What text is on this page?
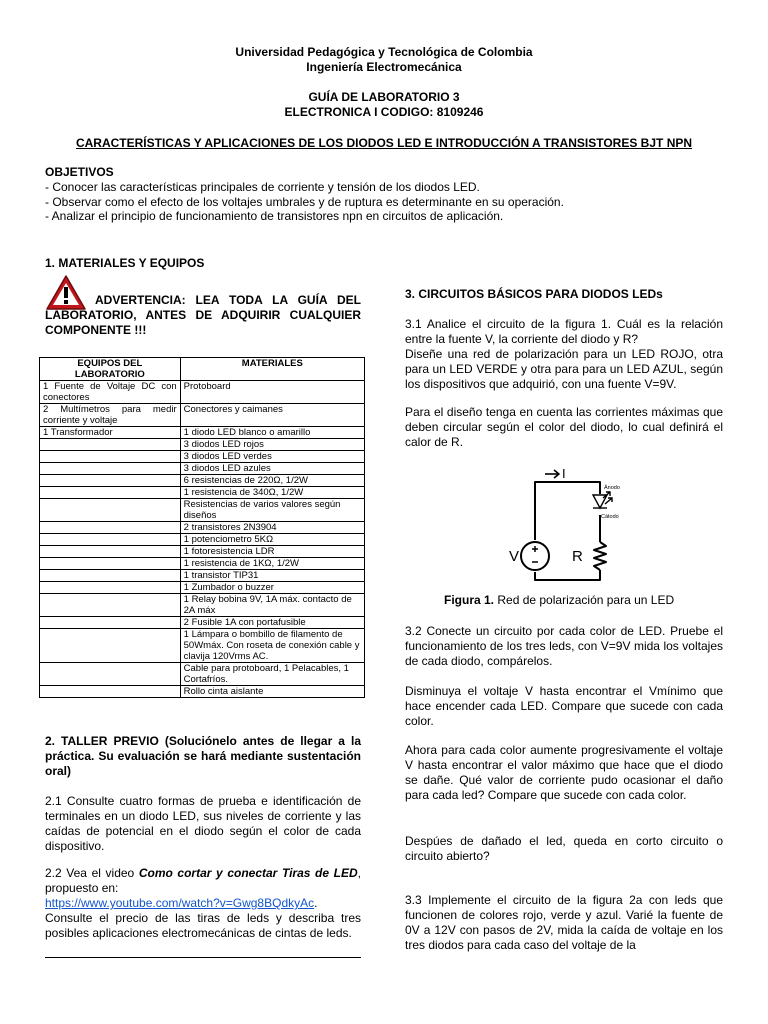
Universidad Pedagógica y Tecnológica de Colombia
Ingeniería Electromecánica
GUÍA DE LABORATORIO 3
ELECTRONICA I CODIGO: 8109246
CARACTERÍSTICAS Y APLICACIONES DE LOS DIODOS LED E INTRODUCCIÓN A TRANSISTORES BJT NPN
OBJETIVOS
- Conocer las características principales de corriente y tensión de los diodos LED.
- Observar como el efecto de los voltajes umbrales y de ruptura es determinante en su operación.
- Analizar el principio de funcionamiento de transistores npn en circuitos de aplicación.
1. MATERIALES Y EQUIPOS
ADVERTENCIA: LEA TODA LA GUÍA DEL LABORATORIO, ANTES DE ADQUIRIR CUALQUIER COMPONENTE !!!
EQUIPOS DEL LABORATORIO	MATERIALES
1 Fuente de Voltaje DC con conectores	Protoboard
2 Multímetros para medir corriente y voltaje	Conectores y caimanes
1 Transformador	1 diodo LED blanco o amarillo
	3 diodos LED rojos
	3 diodos LED verdes
	3 diodos LED azules
	6 resistencias de 220Ω, 1/2W
	1 resistencia de 340Ω, 1/2W
	Resistencias de varios valores según diseños
	2 transistores 2N3904
	1 potenciometro 5KΩ
	1 fotoresistencia LDR
	1 resistencia de 1KΩ, 1/2W
	1 transistor TIP31
	1 Zumbador o buzzer
	1 Relay bobina 9V, 1A máx. contacto de 2A máx
	2 Fusible 1A con portafusible
	1 Lámpara o bombillo de filamento de 50Wmáx. Con roseta de conexión cable y clavija 120Vrms AC.
	Cable para protoboard, 1 Pelacables, 1 Cortafríos.
	Rollo cinta aislante
2. TALLER PREVIO (Soluciónelo antes de llegar a la práctica. Su evaluación se hará mediante sustentación oral)
2.1 Consulte cuatro formas de prueba e identificación de terminales en un diodo LED, sus niveles de corriente y las caídas de potencial en el diodo según el color de cada dispositivo.
2.2 Vea el video Como cortar y conectar Tiras de LED, propuesto en:
https://www.youtube.com/watch?v=Gwg8BQdkyAc.
Consulte el precio de las tiras de leds y describa tres posibles aplicaciones electromecánicas de cintas de leds.
3. CIRCUITOS BÁSICOS PARA DIODOS LEDs
3.1 Analice el circuito de la figura 1. Cuál es la relación entre la fuente V, la corriente del diodo y R?
Diseñe una red de polarización para un LED ROJO, otra para un LED VERDE y otra para para un LED AZUL, según los dispositivos que adquirió, con una fuente V=9V.
Para el diseño tenga en cuenta las corrientes máximas que deben circular según el color del diodo, lo cual definirá el calor de R.
I
Ánodo
Cátodo
V	R
Figura 1. Red de polarización para un LED
3.2 Conecte un circuito por cada color de LED. Pruebe el funcionamiento de los tres leds, con V=9V mida los voltajes de cada diodo, compárelos.
Disminuya el voltaje V hasta encontrar el Vmínimo que hace encender cada LED. Compare que sucede con cada color.
Ahora para cada color aumente progresivamente el voltaje V hasta encontrar el valor máximo que hace que el diodo se dañe. Qué valor de corriente pudo ocasionar el daño para cada led? Compare que sucede con cada color.
Despúes de dañado el led, queda en corto circuito o circuito abierto?
3.3 Implemente el circuito de la figura 2a con leds que funcionen de colores rojo, verde y azul. Varié la fuente de 0V a 12V con pasos de 2V, mida la caída de voltaje en los tres diodos para cada caso del voltaje de la
